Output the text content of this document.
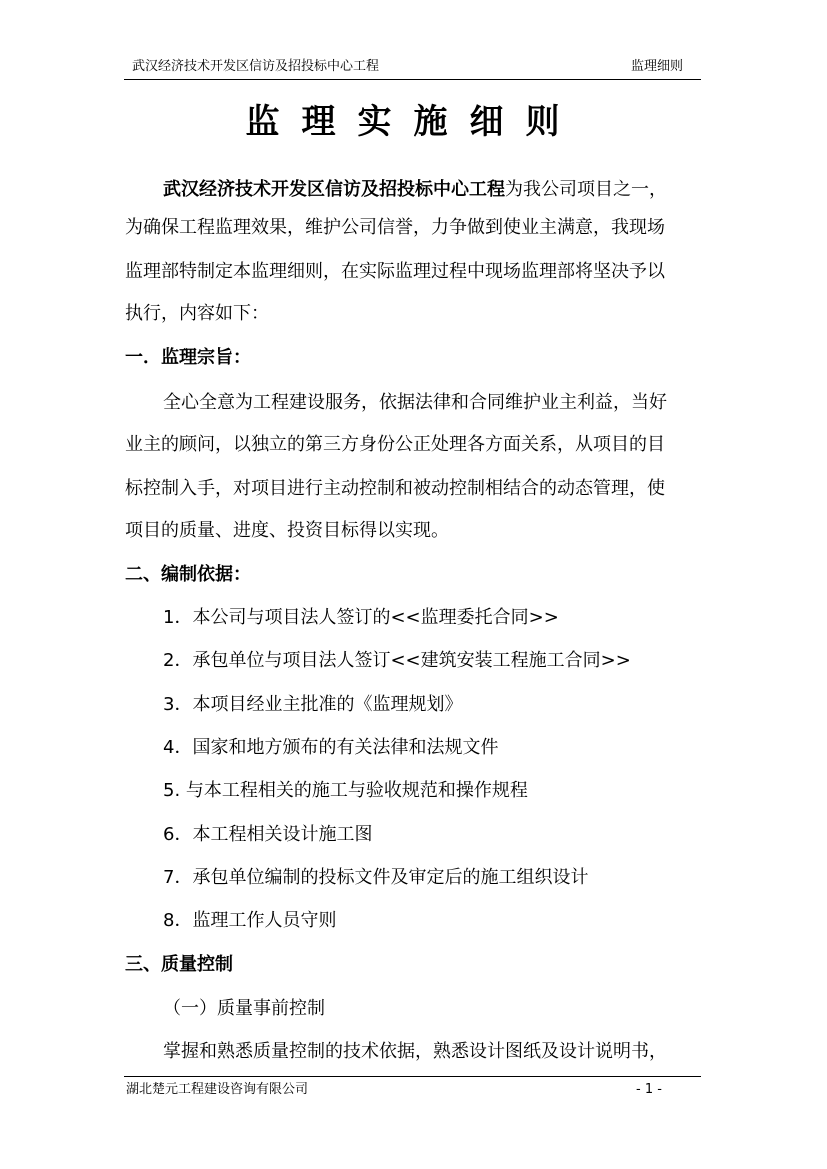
武汉经济技术开发区信访及招投标中心工程	监理细则
监理实施细则
武汉经济技术开发区信访及招投标中心工程为我公司项目之一，
为确保工程监理效果，维护公司信誉，力争做到使业主满意，我现场
监理部特制定本监理细则，在实际监理过程中现场监理部将坚决予以
执行，内容如下：
一．监理宗旨：
全心全意为工程建设服务，依据法律和合同维护业主利益，当好
业主的顾问，以独立的第三方身份公正处理各方面关系，从项目的目
标控制入手，对项目进行主动控制和被动控制相结合的动态管理，使
项目的质量、进度、投资目标得以实现。
二、编制依据：
1．本公司与项目法人签订的<<监理委托合同>>
2．承包单位与项目法人签订<<建筑安装工程施工合同>>
3．本项目经业主批准的《监理规划》
4．国家和地方颁布的有关法律和法规文件
5. 与本工程相关的施工与验收规范和操作规程
6．本工程相关设计施工图
7．承包单位编制的投标文件及审定后的施工组织设计
8．监理工作人员守则
三、质量控制
（一）质量事前控制
掌握和熟悉质量控制的技术依据，熟悉设计图纸及设计说明书，
湖北楚元工程建设咨询有限公司	- 1 -
